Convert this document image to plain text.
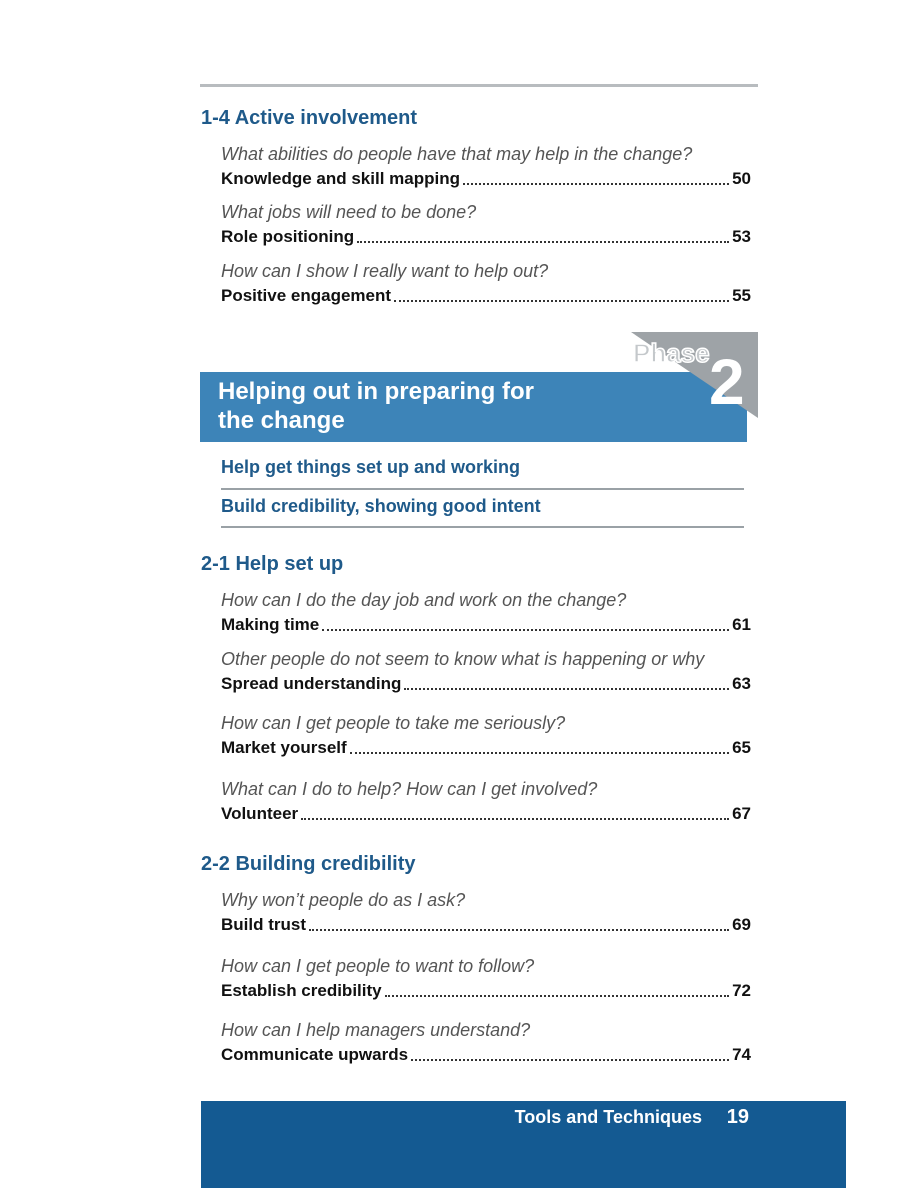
1-4 Active involvement
What abilities do people have that may help in the change?
Knowledge and skill mapping	50
What jobs will need to be done?
Role positioning	53
How can I show I really want to help out?
Positive engagement	55
Helping out in preparing for
the change
Phase 2
Help get things set up and working
Build credibility, showing good intent
2-1 Help set up
How can I do the day job and work on the change?
Making time	61
Other people do not seem to know what is happening or why
Spread understanding	63
How can I get people to take me seriously?
Market yourself	65
What can I do to help? How can I get involved?
Volunteer	67
2-2 Building credibility
Why won’t people do as I ask?
Build trust	69
How can I get people to want to follow?
Establish credibility	72
How can I help managers understand?
Communicate upwards	74
Tools and Techniques 19
